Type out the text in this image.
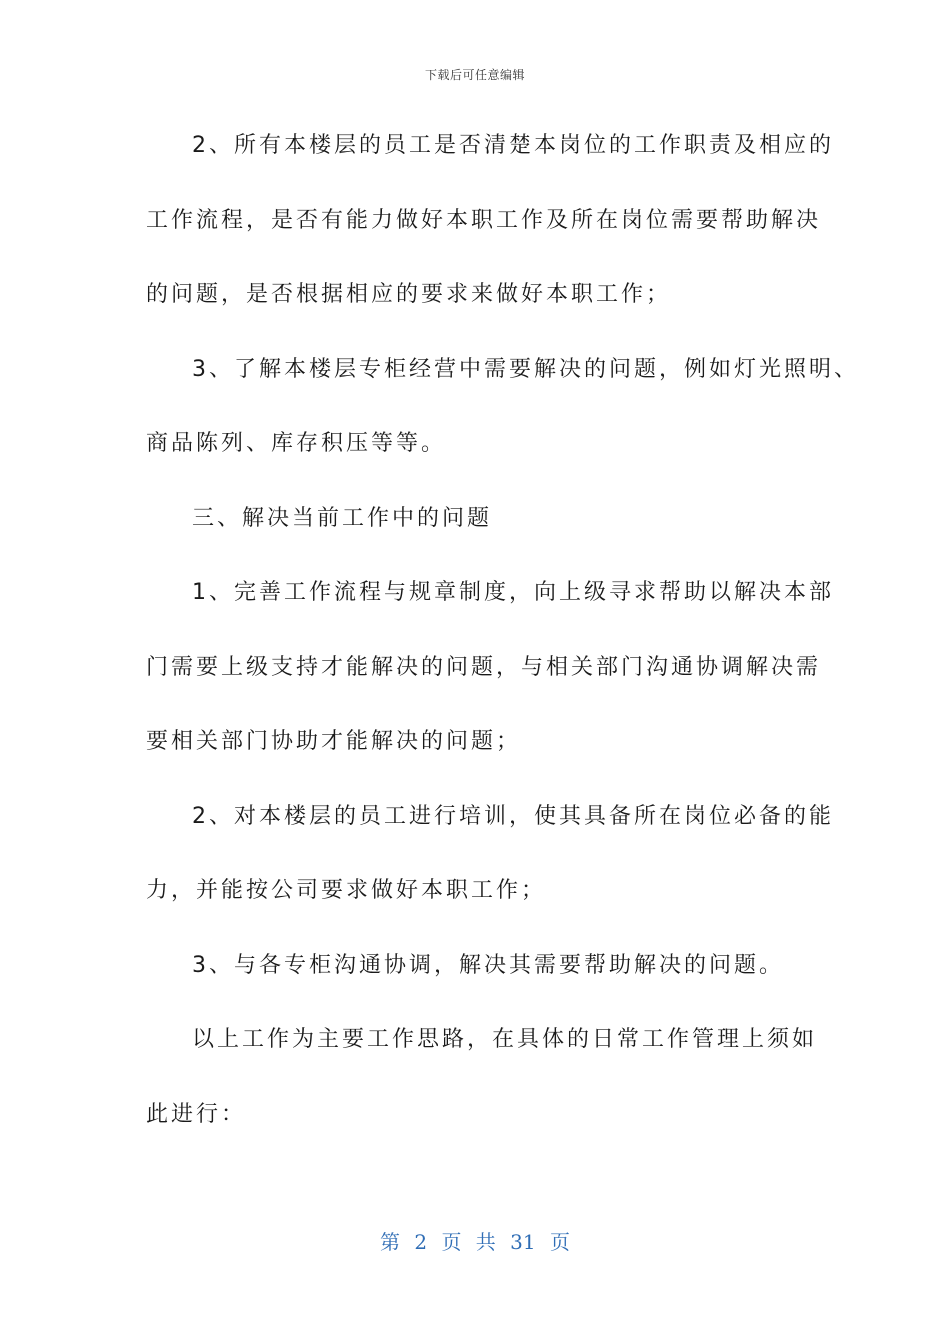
下载后可任意编辑
2、所有本楼层的员工是否清楚本岗位的工作职责及相应的
工作流程，是否有能力做好本职工作及所在岗位需要帮助解决
的问题，是否根据相应的要求来做好本职工作；
3、了解本楼层专柜经营中需要解决的问题，例如灯光照明、
商品陈列、库存积压等等。
三、解决当前工作中的问题
1、完善工作流程与规章制度，向上级寻求帮助以解决本部
门需要上级支持才能解决的问题，与相关部门沟通协调解决需
要相关部门协助才能解决的问题；
2、对本楼层的员工进行培训，使其具备所在岗位必备的能
力，并能按公司要求做好本职工作；
3、与各专柜沟通协调，解决其需要帮助解决的问题。
以上工作为主要工作思路，在具体的日常工作管理上须如
此进行：
第 2 页 共 31 页
